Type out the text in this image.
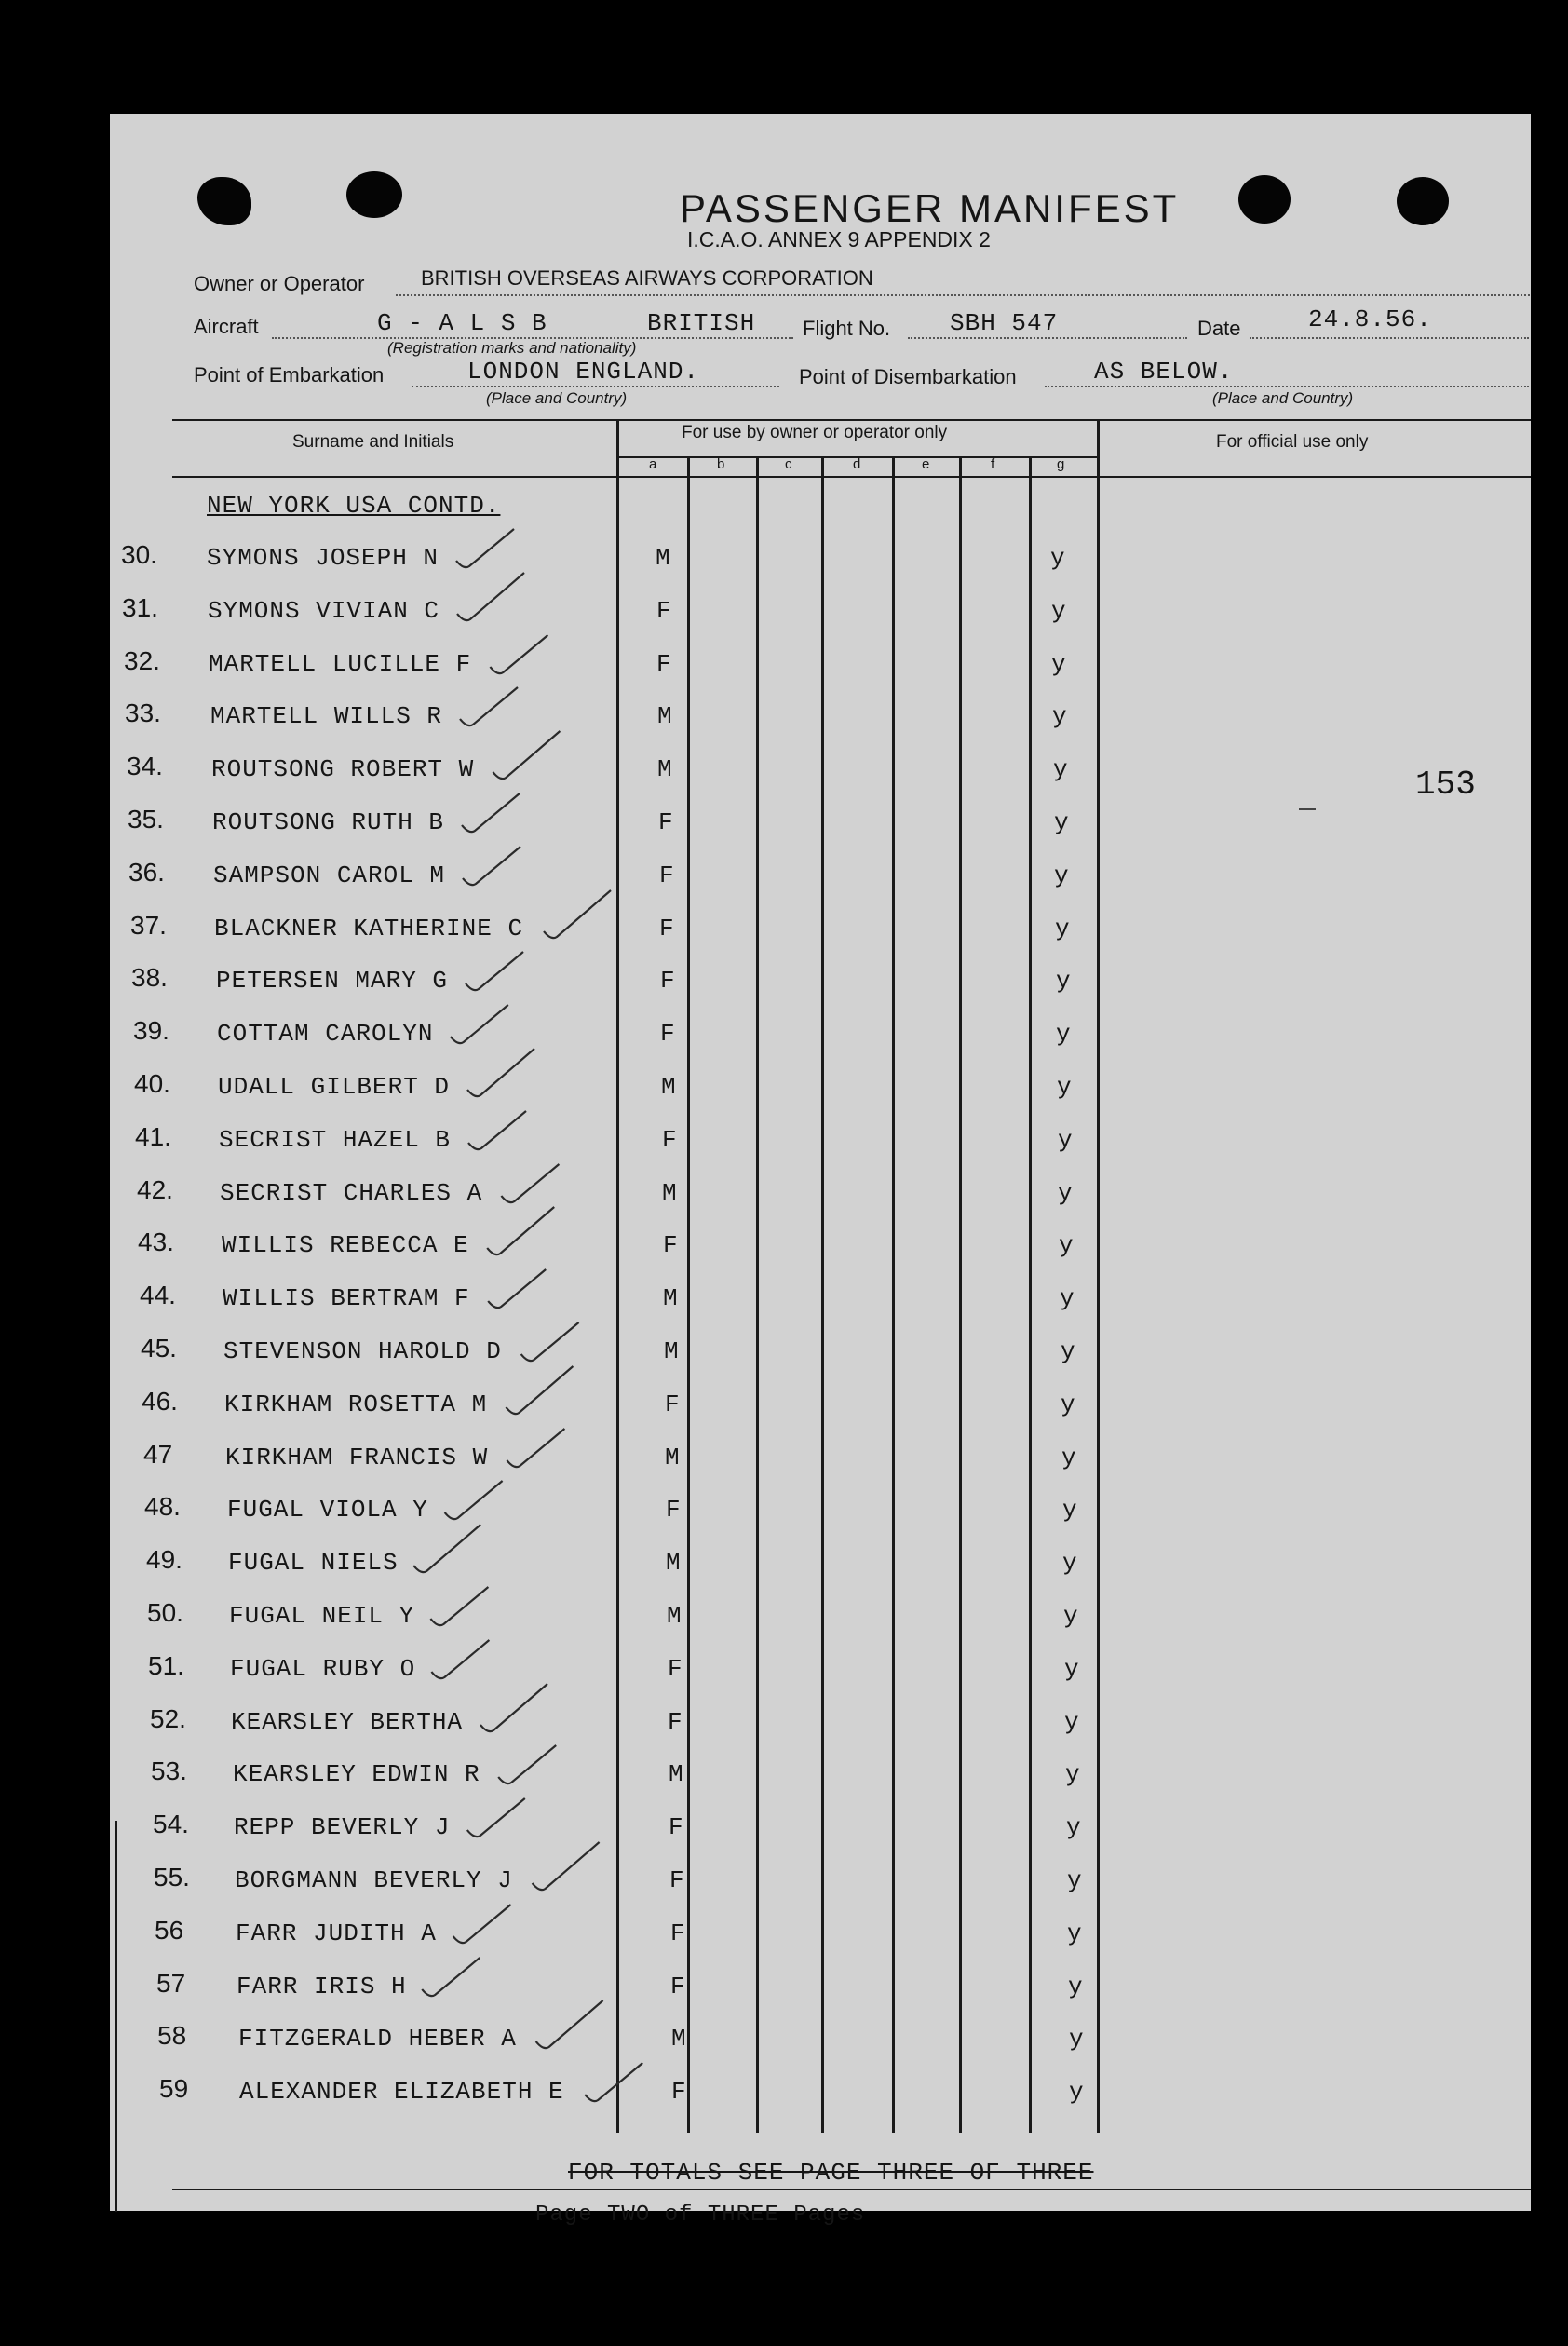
PASSENGER MANIFEST
I.C.A.O. ANNEX 9 APPENDIX 2
Owner or Operator	BRITISH OVERSEAS AIRWAYS CORPORATION
Aircraft	G - A L S B	BRITISH
(Registration marks and nationality)
Flight No. SBH 547	Date	24.8.56.
Point of Embarkation	LONDON ENGLAND.
(Place and Country)
Point of Disembarkation	AS BELOW.
(Place and Country)
Surname and Initials	For use by owner or operator only	For official use only
a	b	c	d	e	f	g
NEW YORK USA CONTD.
153
30. SYMONS JOSEPH N	M	y
31. SYMONS VIVIAN C	F	y
32. MARTELL LUCILLE F	F	y
33. MARTELL WILLS R	M	y
34. ROUTSONG ROBERT W	M	y
35. ROUTSONG RUTH B	F	y
36. SAMPSON CAROL M	F	y
37. BLACKNER KATHERINE C	F	y
38. PETERSEN MARY G	F	y
39. COTTAM CAROLYN	F	y
40. UDALL GILBERT D	M	y
41. SECRIST HAZEL B	F	y
42. SECRIST CHARLES A	M	y
43. WILLIS REBECCA E	F	y
44. WILLIS BERTRAM F	M	y
45. STEVENSON HAROLD D	M	y
46. KIRKHAM ROSETTA M	F	y
47 KIRKHAM FRANCIS W	M	y
48. FUGAL VIOLA Y	F	y
49. FUGAL NIELS	M	y
50. FUGAL NEIL Y	M	y
51. FUGAL RUBY O	F	y
52. KEARSLEY BERTHA	F	y
53. KEARSLEY EDWIN R	M	y
54. REPP BEVERLY J	F	y
55. BORGMANN BEVERLY J	F	y
56 FARR JUDITH A	F	y
57 FARR IRIS H	F	y
58 FITZGERALD HEBER A	M	y
59 ALEXANDER ELIZABETH E	F	y
FOR TOTALS SEE PAGE THREE OF THREE
Page TWO of THREE Pages
